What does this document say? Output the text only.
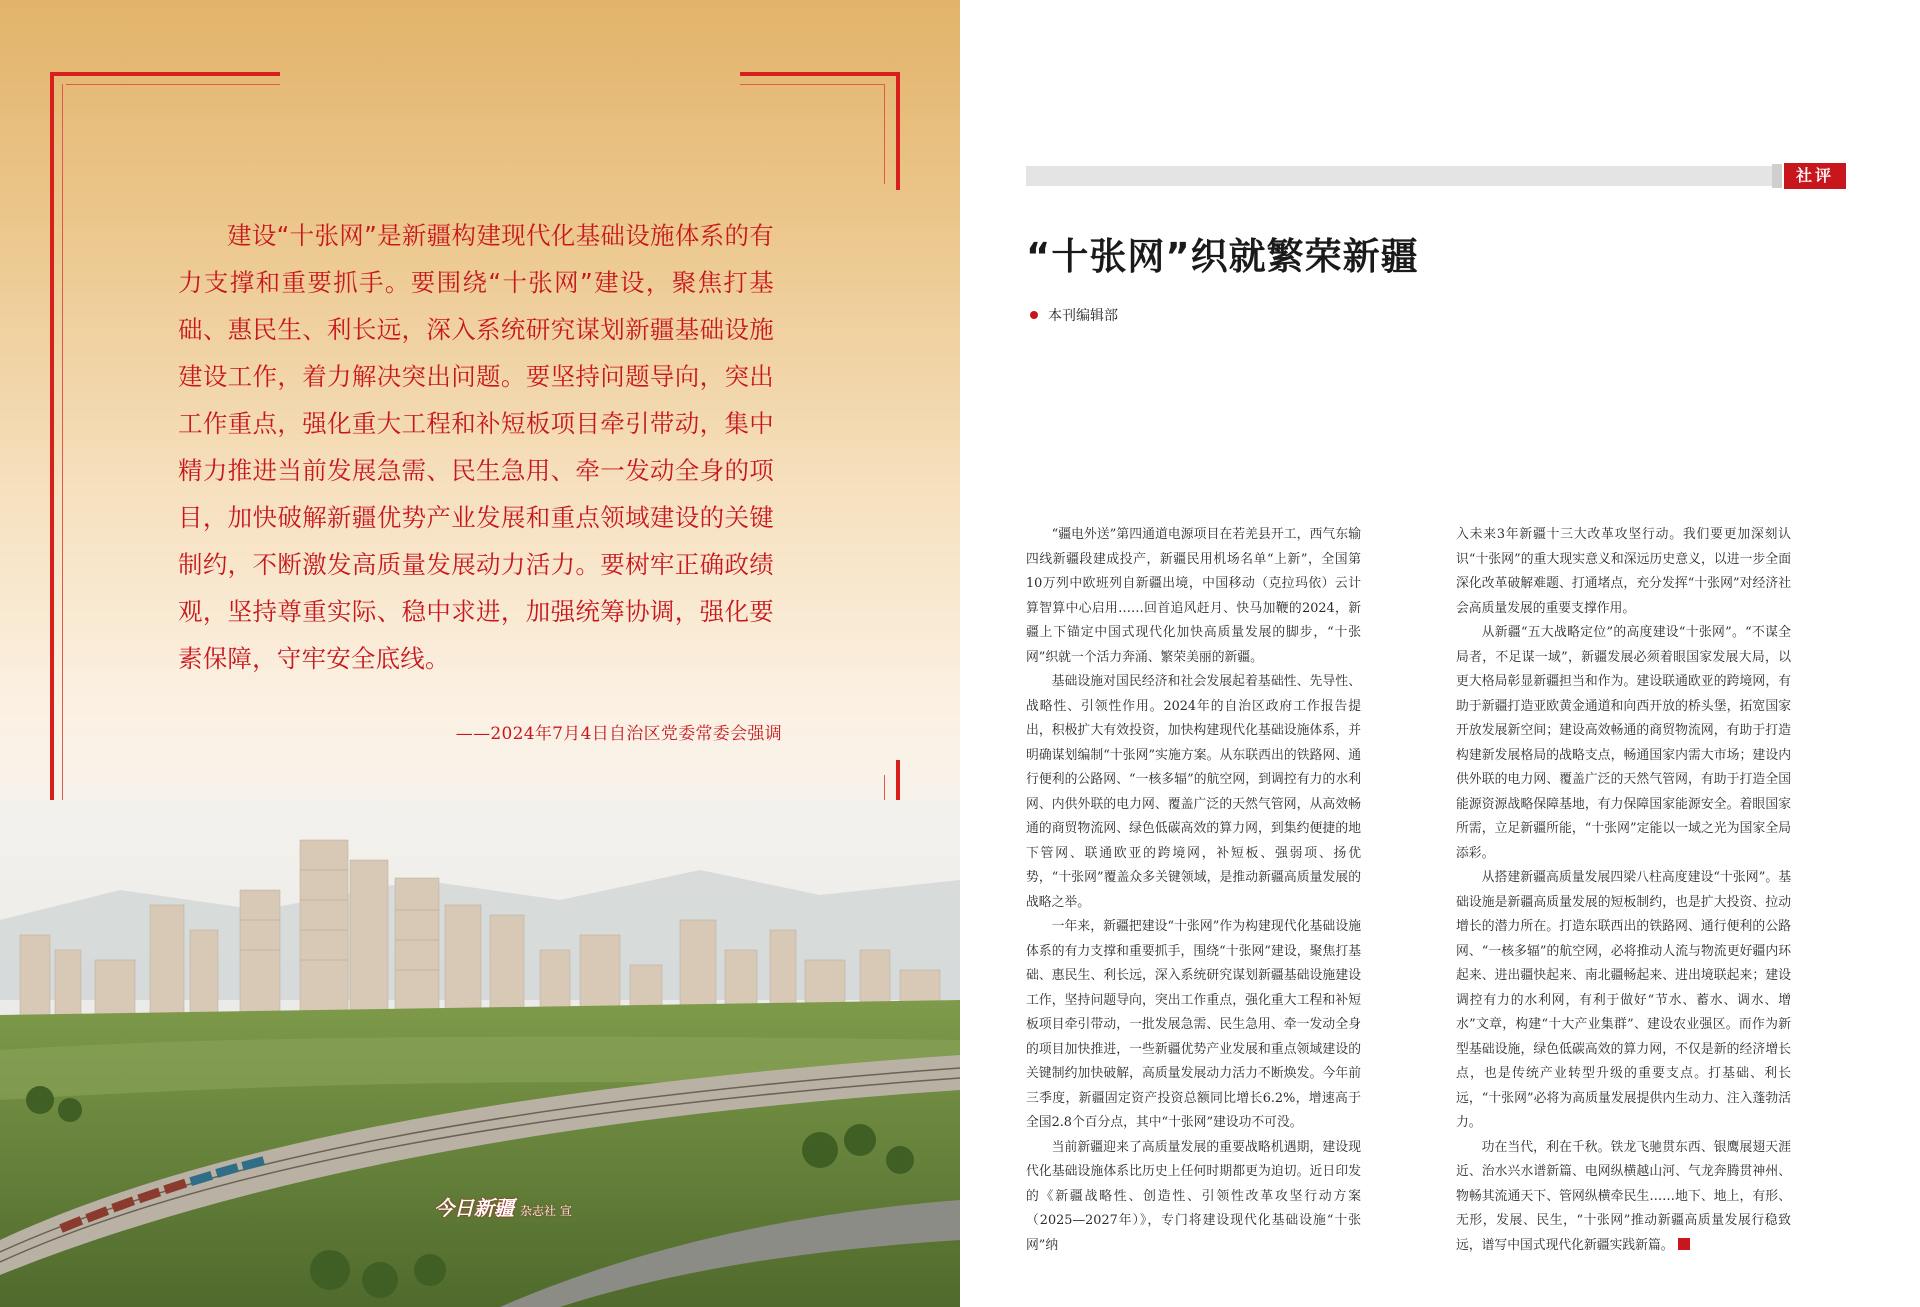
建设“十张网”是新疆构建现代化基础设施体系的有力支撑和重要抓手。要围绕“十张网”建设，聚焦打基础、惠民生、利长远，深入系统研究谋划新疆基础设施建设工作，着力解决突出问题。要坚持问题导向，突出工作重点，强化重大工程和补短板项目牵引带动，集中精力推进当前发展急需、民生急用、牵一发动全身的项目，加快破解新疆优势产业发展和重点领域建设的关键制约，不断激发高质量发展动力活力。要树牢正确政绩观，坚持尊重实际、稳中求进，加强统筹协调，强化要素保障，守牢安全底线。
——2024年7月4日自治区党委常委会强调
今日新疆 杂志社 宣
社评
“十张网”织就繁荣新疆
本刊编辑部

“疆电外送”第四通道电源项目在若羌县开工，西气东输四线新疆段建成投产，新疆民用机场名单“上新”，全国第10万列中欧班列自新疆出境，中国移动（克拉玛依）云计算智算中心启用……回首追风赶月、快马加鞭的2024，新疆上下锚定中国式现代化加快高质量发展的脚步，“十张网”织就一个活力奔涌、繁荣美丽的新疆。

基础设施对国民经济和社会发展起着基础性、先导性、战略性、引领性作用。2024年的自治区政府工作报告提出，积极扩大有效投资，加快构建现代化基础设施体系，并明确谋划编制“十张网”实施方案。从东联西出的铁路网、通行便利的公路网、“一核多辐”的航空网，到调控有力的水利网、内供外联的电力网、覆盖广泛的天然气管网，从高效畅通的商贸物流网、绿色低碳高效的算力网，到集约便捷的地下管网、联通欧亚的跨境网，补短板、强弱项、扬优势，“十张网”覆盖众多关键领域，是推动新疆高质量发展的战略之举。

一年来，新疆把建设“十张网”作为构建现代化基础设施体系的有力支撑和重要抓手，围绕“十张网”建设，聚焦打基础、惠民生、利长远，深入系统研究谋划新疆基础设施建设工作，坚持问题导向，突出工作重点，强化重大工程和补短板项目牵引带动，一批发展急需、民生急用、牵一发动全身的项目加快推进，一些新疆优势产业发展和重点领域建设的关键制约加快破解，高质量发展动力活力不断焕发。今年前三季度，新疆固定资产投资总额同比增长6.2%，增速高于全国2.8个百分点，其中“十张网”建设功不可没。

当前新疆迎来了高质量发展的重要战略机遇期，建设现代化基础设施体系比历史上任何时期都更为迫切。近日印发的《新疆战略性、创造性、引领性改革攻坚行动方案（2025—2027年）》，专门将建设现代化基础设施“十张网”纳

入未来3年新疆十三大改革攻坚行动。我们要更加深刻认识“十张网”的重大现实意义和深远历史意义，以进一步全面深化改革破解难题、打通堵点，充分发挥“十张网”对经济社会高质量发展的重要支撑作用。

从新疆“五大战略定位”的高度建设“十张网”。“不谋全局者，不足谋一域”，新疆发展必须着眼国家发展大局，以更大格局彰显新疆担当和作为。建设联通欧亚的跨境网，有助于新疆打造亚欧黄金通道和向西开放的桥头堡，拓宽国家开放发展新空间；建设高效畅通的商贸物流网，有助于打造构建新发展格局的战略支点，畅通国家内需大市场；建设内供外联的电力网、覆盖广泛的天然气管网，有助于打造全国能源资源战略保障基地，有力保障国家能源安全。着眼国家所需，立足新疆所能，“十张网”定能以一域之光为国家全局添彩。

从搭建新疆高质量发展四梁八柱高度建设“十张网”。基础设施是新疆高质量发展的短板制约，也是扩大投资、拉动增长的潜力所在。打造东联西出的铁路网、通行便利的公路网、“一核多辐”的航空网，必将推动人流与物流更好疆内环起来、进出疆快起来、南北疆畅起来、进出境联起来；建设调控有力的水利网，有利于做好“节水、蓄水、调水、增水”文章，构建“十大产业集群”、建设农业强区。而作为新型基础设施，绿色低碳高效的算力网，不仅是新的经济增长点，也是传统产业转型升级的重要支点。打基础、利长远，“十张网”必将为高质量发展提供内生动力、注入蓬勃活力。

功在当代，利在千秋。铁龙飞驰贯东西、银鹰展翅天涯近、治水兴水谱新篇、电网纵横越山河、气龙奔腾贯神州、物畅其流通天下、管网纵横牵民生……地下、地上，有形、无形，发展、民生，“十张网”推动新疆高质量发展行稳致远，谱写中国式现代化新疆实践新篇。
